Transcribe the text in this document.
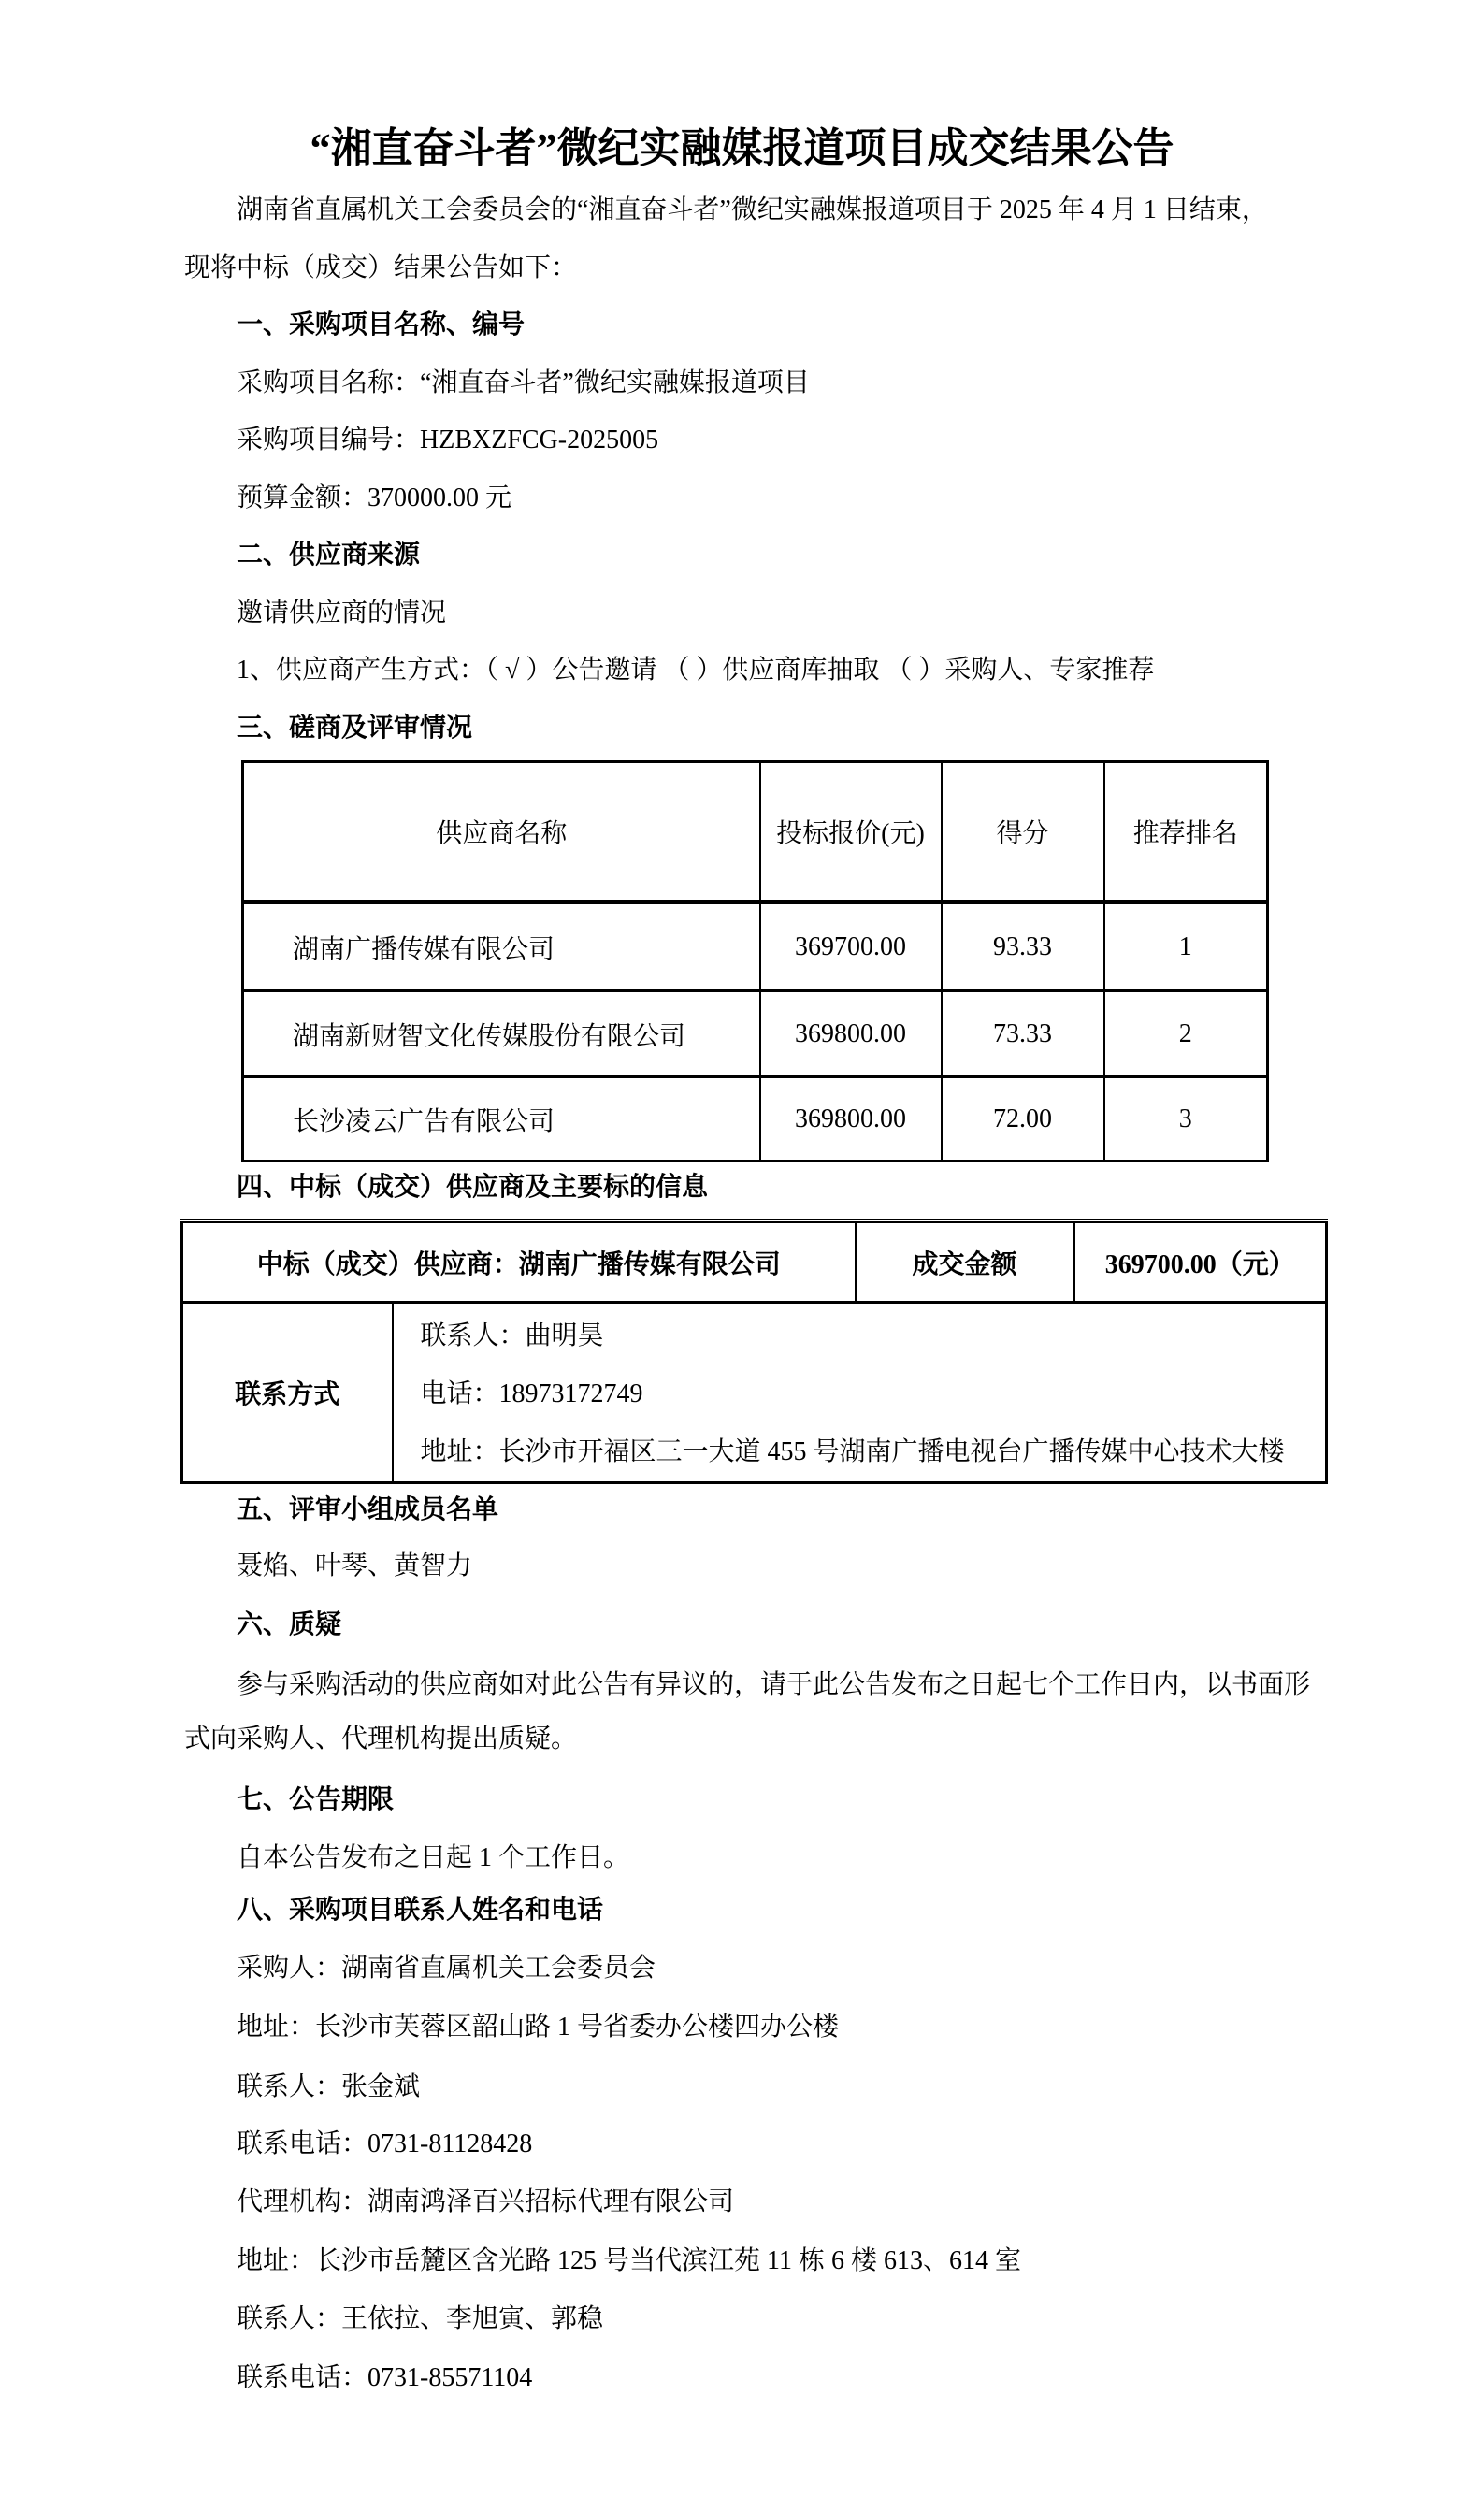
“湘直奋斗者”微纪实融媒报道项目成交结果公告
湖南省直属机关工会委员会的“湘直奋斗者”微纪实融媒报道项目于 2025 年 4 月 1 日结束，
现将中标（成交）结果公告如下：
一、采购项目名称、编号
采购项目名称：“湘直奋斗者”微纪实融媒报道项目
采购项目编号：HZBXZFCG-2025005
预算金额：370000.00 元
二、供应商来源
邀请供应商的情况
1、供应商产生方式：（ √ ）公告邀请 （ ）供应商库抽取 （ ）采购人、专家推荐
三、磋商及评审情况
供应商名称	投标报价(元)	得分	推荐排名
湖南广播传媒有限公司	369700.00	93.33	1
湖南新财智文化传媒股份有限公司	369800.00	73.33	2
长沙凌云广告有限公司	369800.00	72.00	3
四、中标（成交）供应商及主要标的信息
中标（成交）供应商：湖南广播传媒有限公司		成交金额	369700.00（元）
联系方式	联系人：曲明昊
电话：18973172749
地址：长沙市开福区三一大道 455 号湖南广播电视台广播传媒中心技术大楼		
五、评审小组成员名单
聂焰、叶琴、黄智力
六、质疑
参与采购活动的供应商如对此公告有异议的，请于此公告发布之日起七个工作日内，以书面形
式向采购人、代理机构提出质疑。
七、公告期限
自本公告发布之日起 1 个工作日。
八、采购项目联系人姓名和电话
采购人：湖南省直属机关工会委员会
地址：长沙市芙蓉区韶山路 1 号省委办公楼四办公楼
联系人：张金斌
联系电话：0731-81128428
代理机构：湖南鸿泽百兴招标代理有限公司
地址：长沙市岳麓区含光路 125 号当代滨江苑 11 栋 6 楼 613、614 室
联系人：王依拉、李旭寅、郭稳
联系电话：0731-85571104
